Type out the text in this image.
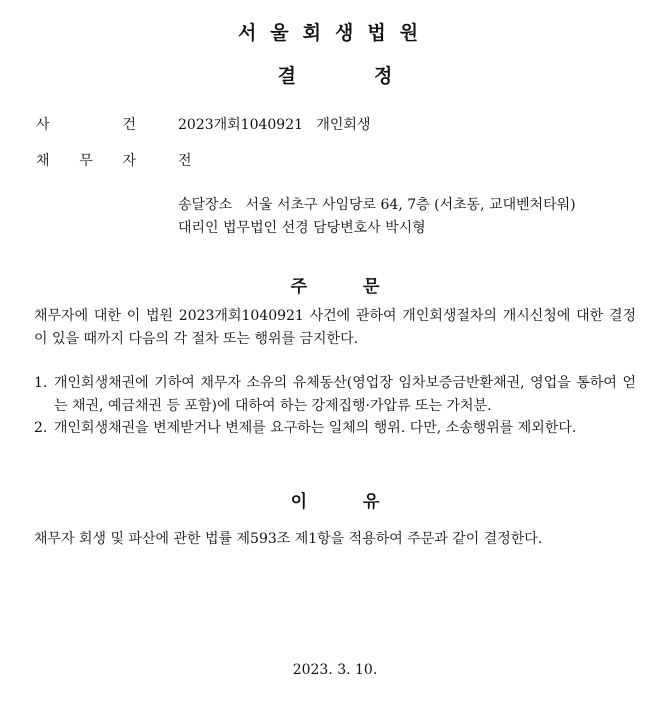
서울회생법원
결	정
사	건	2023개회1040921   개인회생
채 무 자	전
송달장소   서울 서초구 사임당로 64, 7층 (서초동, 교대벤처타워)
대리인 법무법인 선경 담당변호사 박시형
주	문
채무자에 대한 이 법원 2023개회1040921 사건에 관하여 개인회생절차의 개시신청에 대한 결정이 있을 때까지 다음의 각 절차 또는 행위를 금지한다.
1. 개인회생채권에 기하여 채무자 소유의 유체동산(영업장 임차보증금반환채권, 영업을 통하여 얻는 채권, 예금채권 등 포함)에 대하여 하는 강제집행·가압류 또는 가처분.
2. 개인회생채권을 변제받거나 변제를 요구하는 일체의 행위. 다만, 소송행위를 제외한다.
이	유
채무자 회생 및 파산에 관한 법률 제593조 제1항을 적용하여 주문과 같이 결정한다.
2023. 3. 10.
